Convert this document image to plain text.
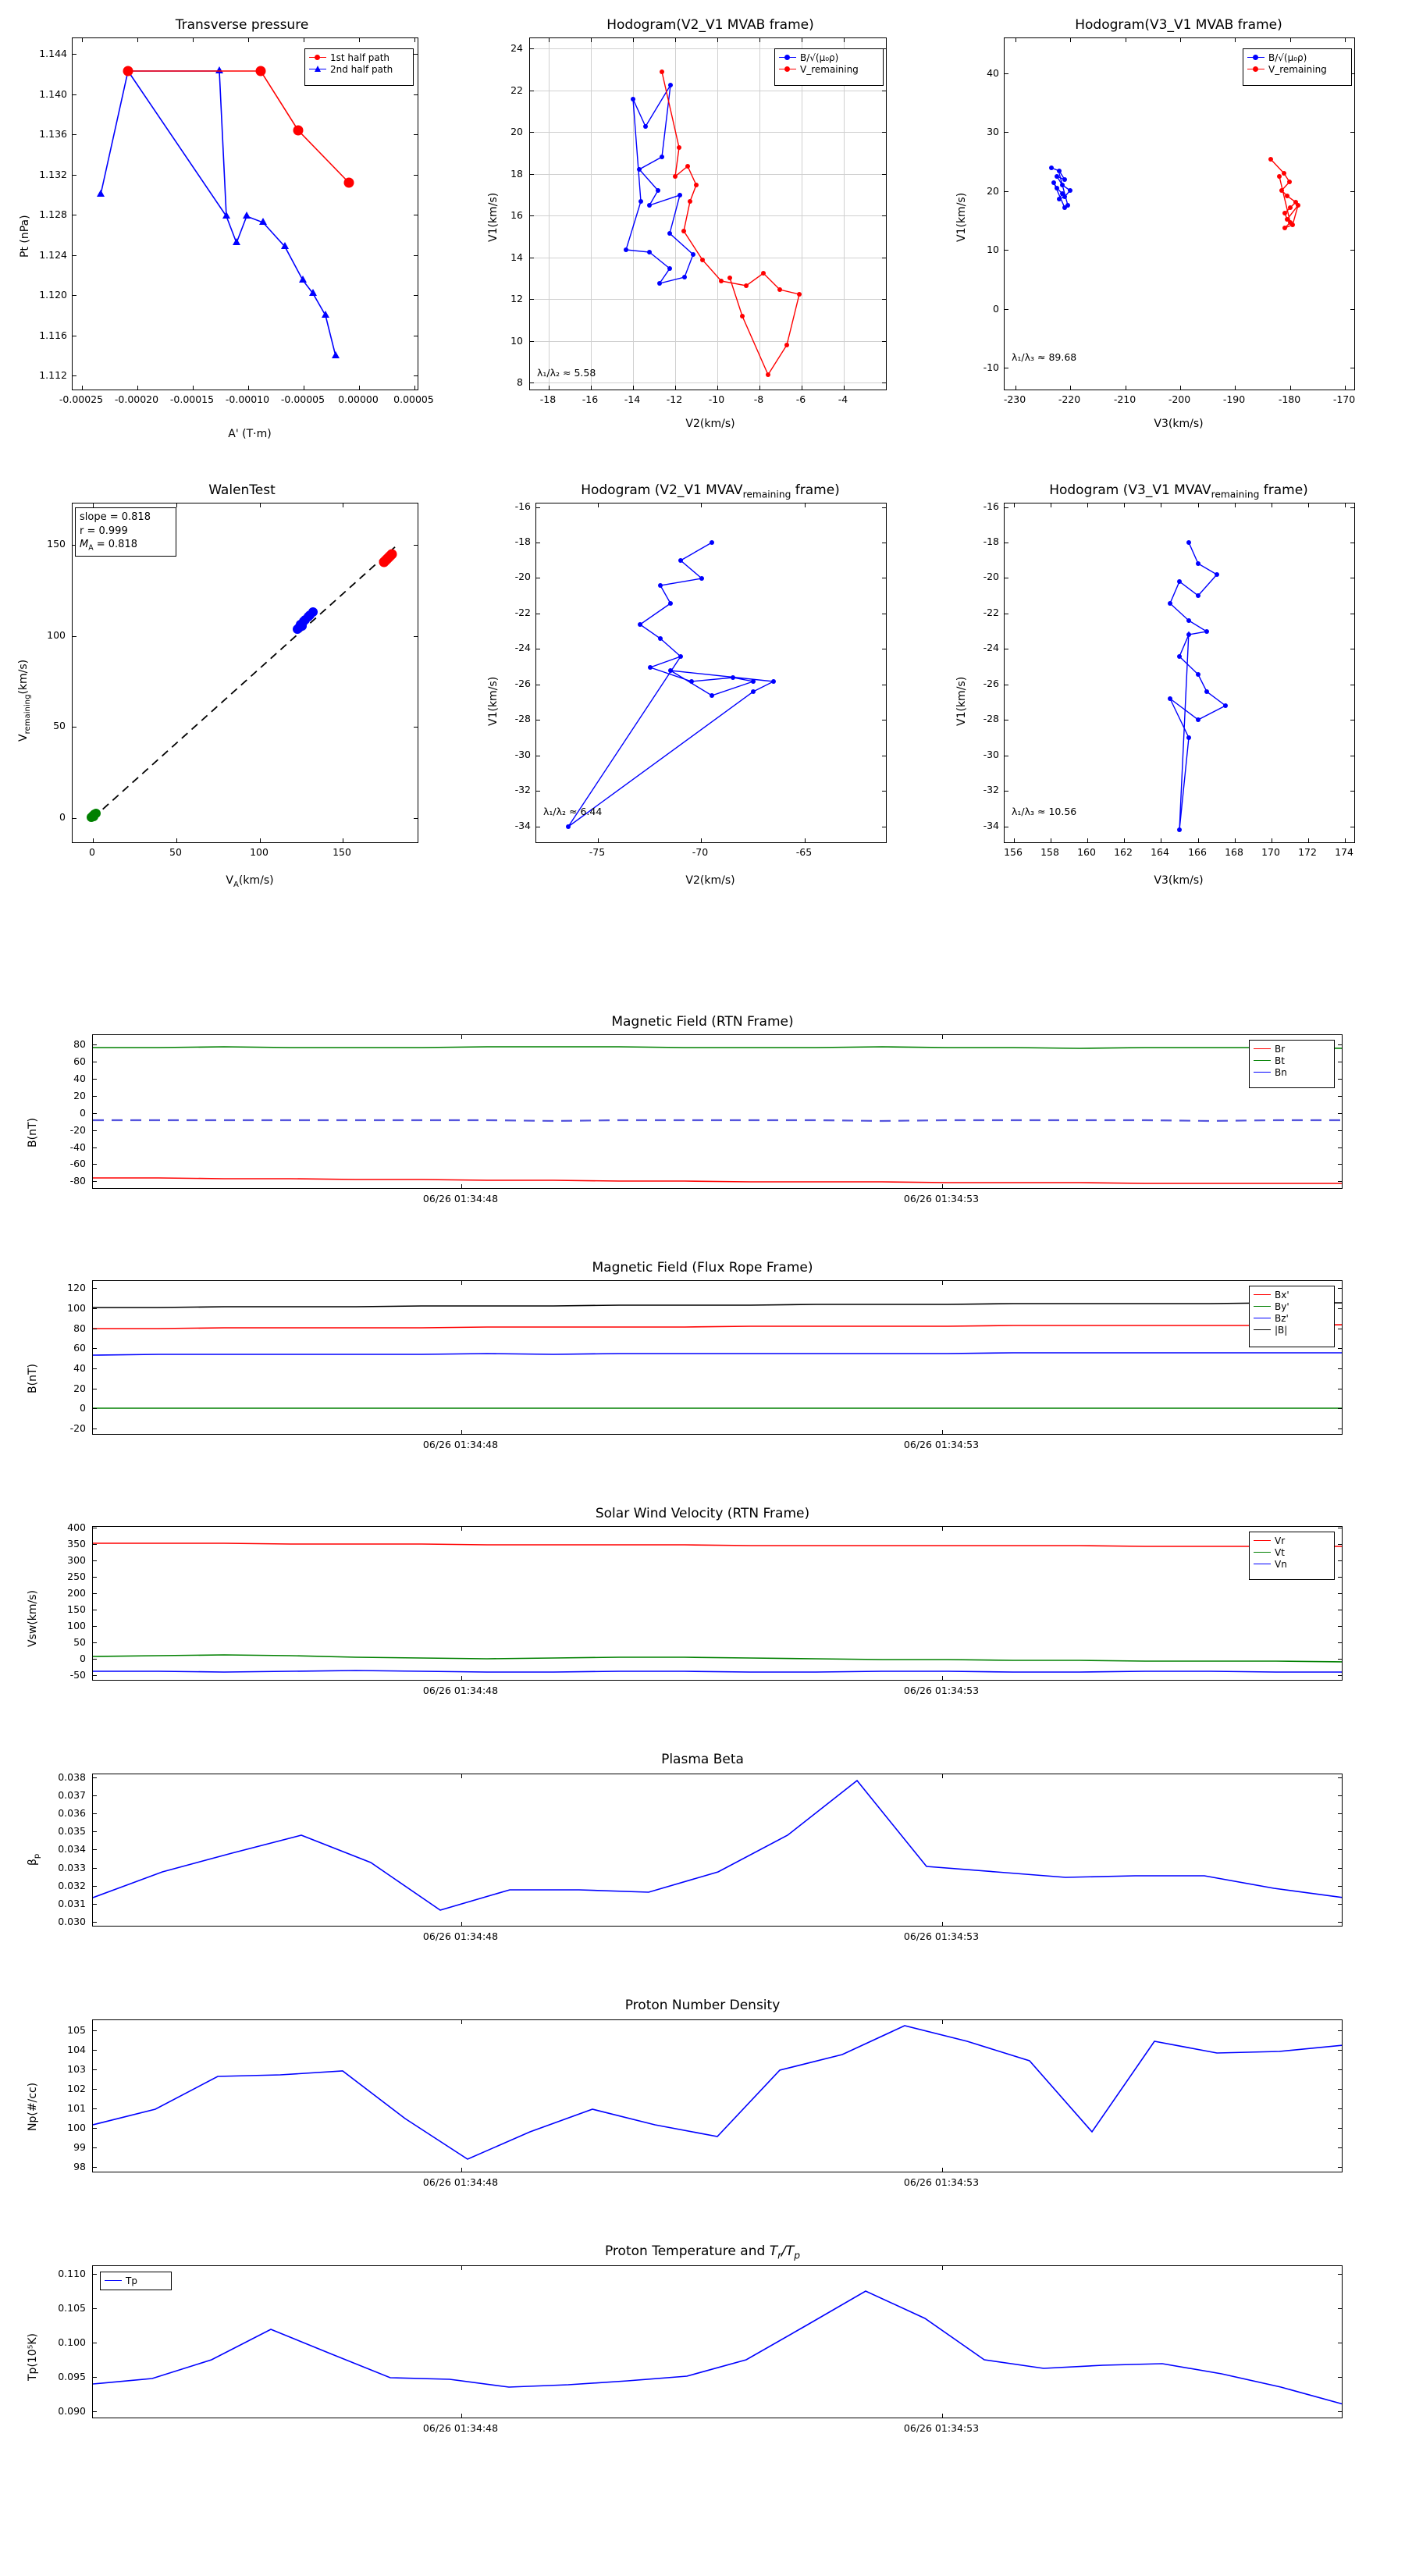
Transverse pressure
Pt (nPa)
A' (T·m)
-0.00025	-0.00020	-0.00015	-0.00010	-0.00005	0.00000	0.00005
1.112
1.116
1.120
1.124
1.128
1.132
1.136
1.140
1.144	1st half path
2nd half path
Hodogram(V2_V1 MVAB frame)
V1(km/s)
V2(km/s)
λ₁/λ₂ ≈ 5.58
-18	-16	-14	-12	-10	-8	-6	-4
8
10
12
14
16
18
20
22
24
B/√(μ₀ρ)
V_remaining
Hodogram(V3_V1 MVAB frame)
V1(km/s)
V3(km/s)
λ₁/λ₃ ≈ 89.68
-230	-220	-210	-200	-190	-180	-170
-10
0
10
20
30
40
B/√(μ₀ρ)
V_remaining
WalenTest
$V_{remaining}(km/s)$
$V_A(km/s)$
slope = 0.818
r = 0.999
$M_A = 0.818$
0	50	100	150
0
50
100
150
Hodogram (V2_V1 $MVAV_{remaining}$ frame)
V1(km/s)
V2(km/s)
λ₁/λ₂ ≈ 6.44
-75	-70	-65
-34
-32
-30
-28
-26
-24
-22
-20
-18
-16
Hodogram (V3_V1 $MVAV_{remaining}$ frame)
V1(km/s)
V3(km/s)
λ₁/λ₃ ≈ 10.56
156	158	160	162	164	166	168	170	172	174
-34
-32
-30
-28
-26
-24
-22
-20
-18
-16
Magnetic Field (RTN Frame)
B(nT)
06/26 01:34:48	06/26 01:34:53
-80
-60
-40
-20
0
20
40
60
80	Br
Bt
Bn
Magnetic Field (Flux Rope Frame)
B(nT)
06/26 01:34:48	06/26 01:34:53
-20
0
20
40
60
80
100
120
Bx'
By'
Bz'
|B|
Solar Wind Velocity (RTN Frame)
Vsw(km/s)
06/26 01:34:48	06/26 01:34:53
-50
0
50
100
150
200
250
300
350
400
Vr
Vt
Vn
Plasma Beta
$\beta_p$
06/26 01:34:48	06/26 01:34:53
0.030
0.031
0.032
0.033
0.034
0.035
0.036
0.037
0.038
Proton Number Density
Np(#/cc)
06/26 01:34:48	06/26 01:34:53
98
99
100
101
102
103
104
105
Proton Temperature and $T_r/T_p$
Tp(10⁵K)
06/26 01:34:48	06/26 01:34:53
0.090
0.095
0.100
0.105
0.110
Tp
